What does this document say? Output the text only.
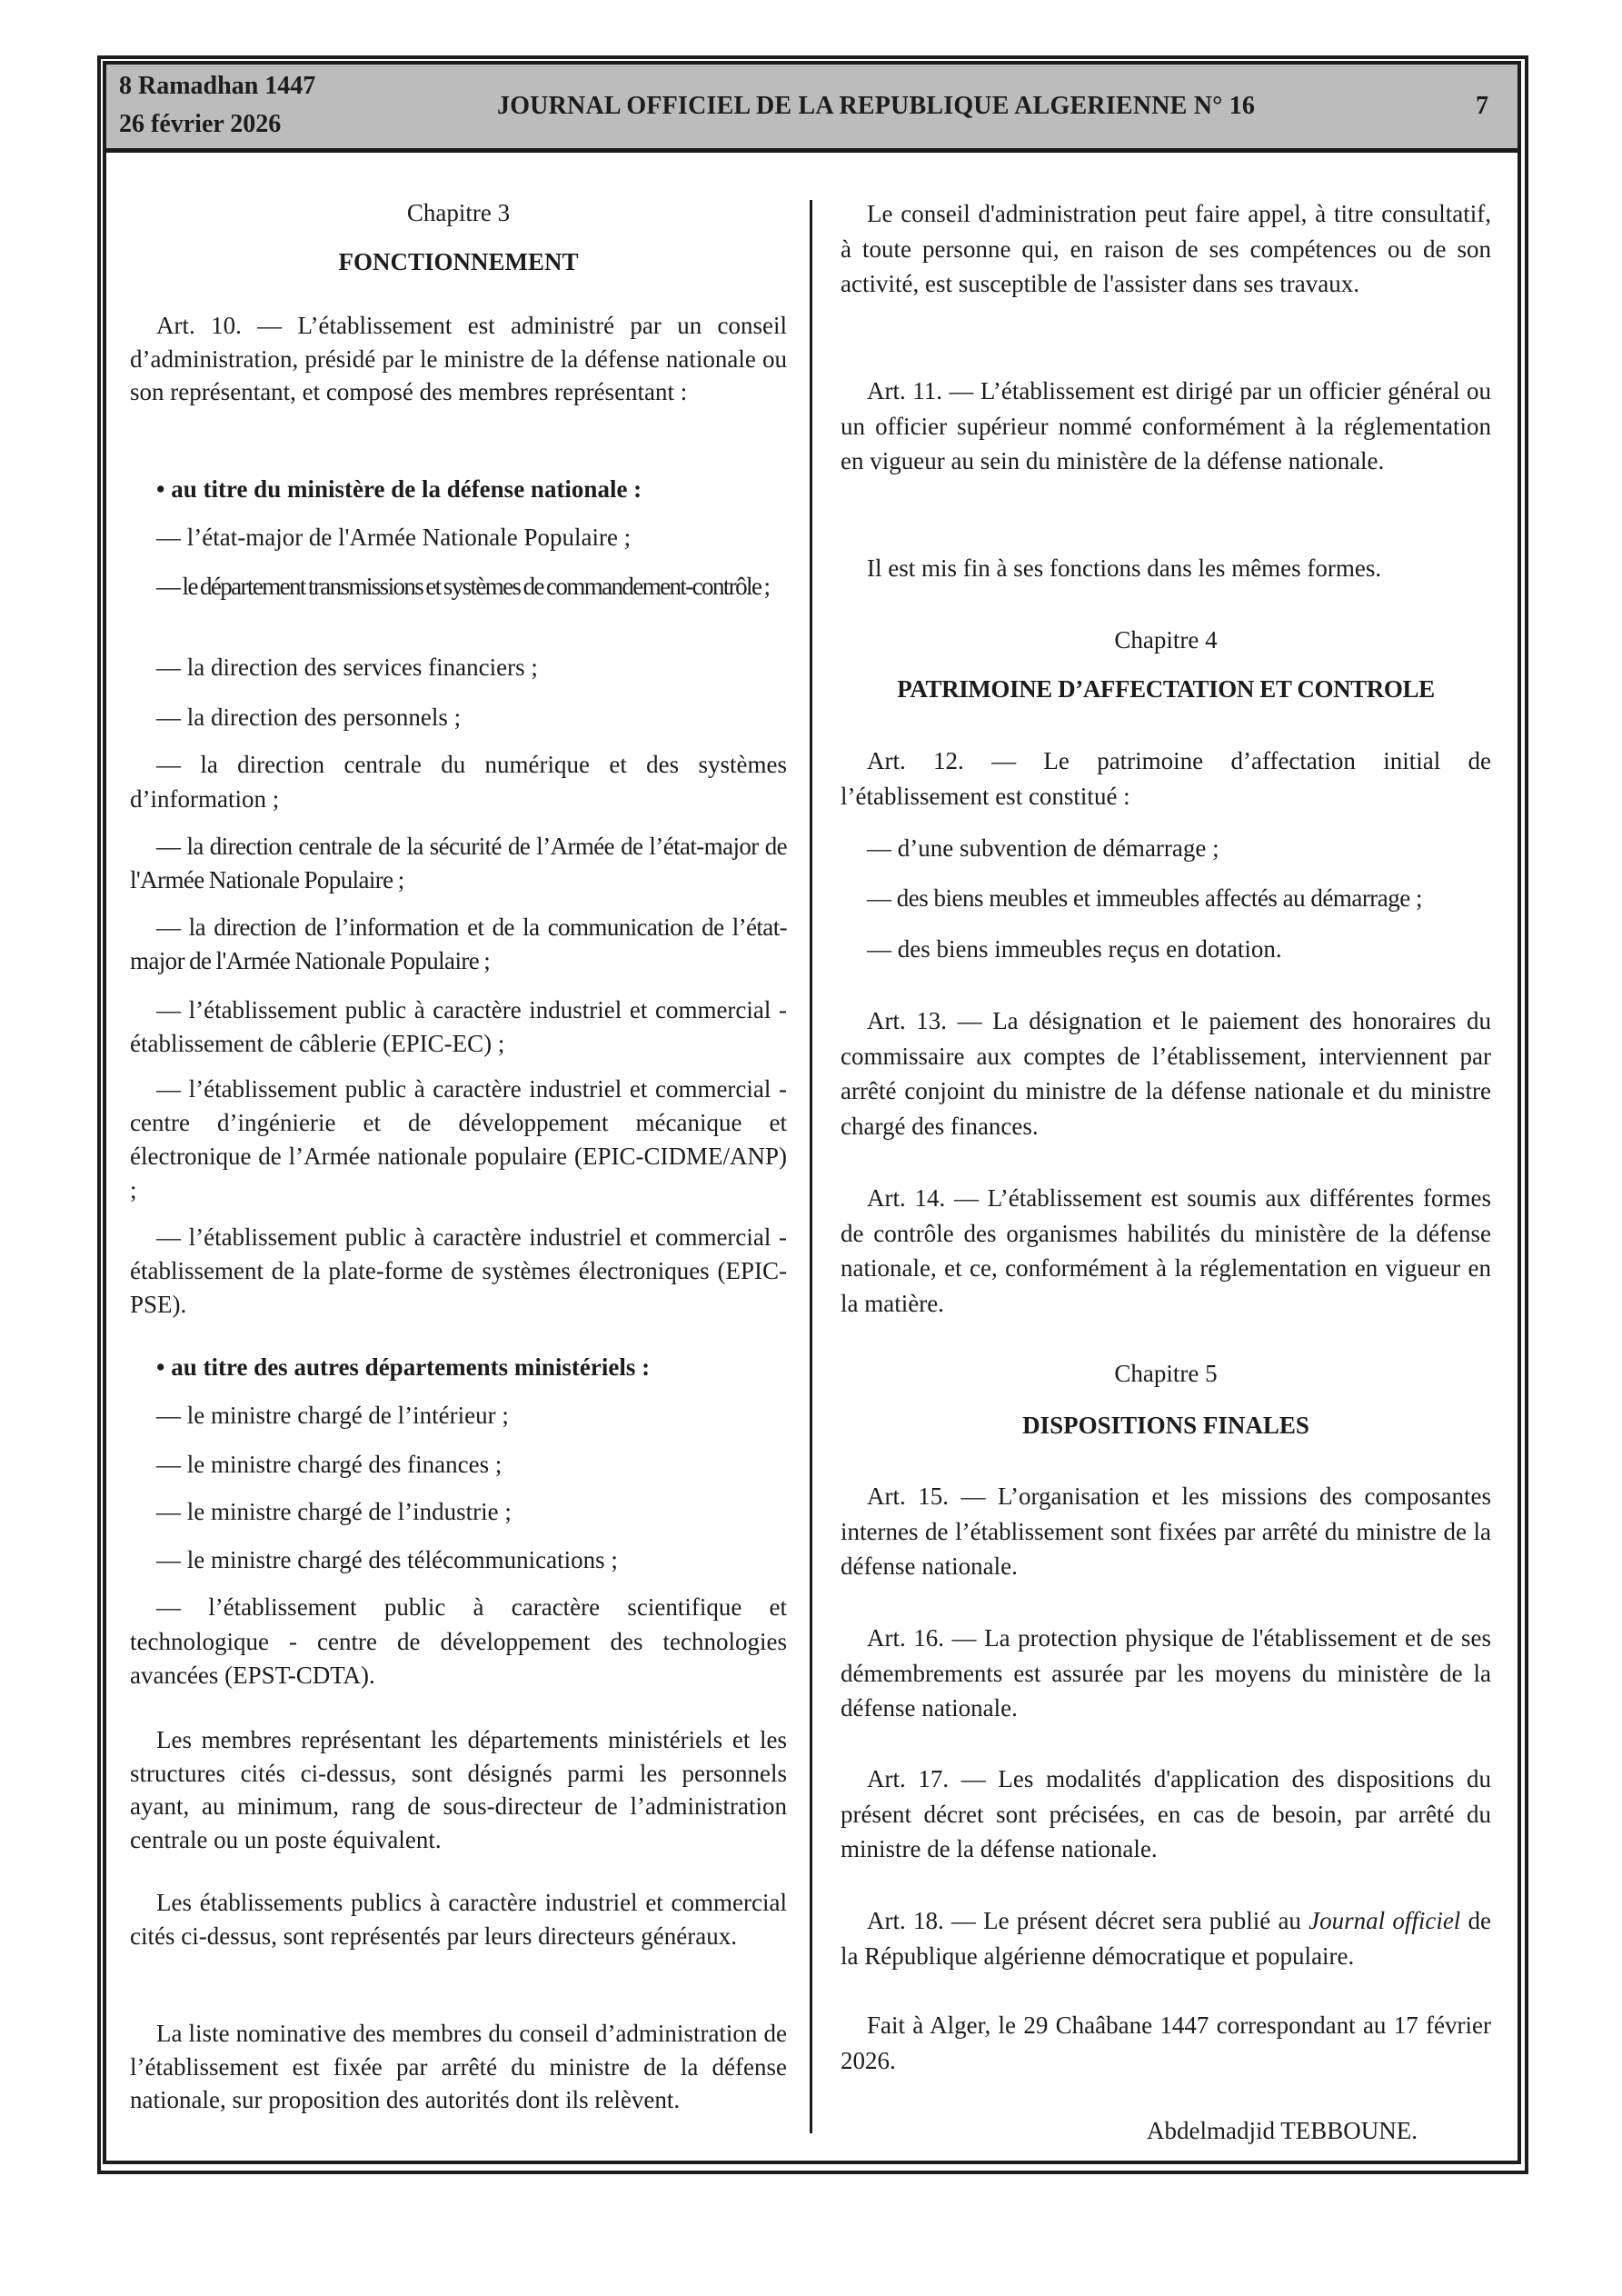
8 Ramadhan 1447
26 février 2026
JOURNAL OFFICIEL DE LA REPUBLIQUE ALGERIENNE N° 16	7
Chapitre 3
FONCTIONNEMENT
Art. 10. — L’établissement est administré par un conseil d’administration, présidé par le ministre de la défense nationale ou son représentant, et composé des membres représentant :
• au titre du ministère de la défense nationale :
— l’état-major de l'Armée Nationale Populaire ;
— le département transmissions et systèmes de commandement-contrôle ;
— la direction des services financiers ;
— la direction des personnels ;
— la direction centrale du numérique et des systèmes d’information ;
— la direction centrale de la sécurité de l’Armée de l’état-major de l'Armée Nationale Populaire ;
— la direction de l’information et de la communication de l’état-major de l'Armée Nationale Populaire ;
— l’établissement public à caractère industriel et commercial - établissement de câblerie (EPIC-EC) ;
— l’établissement public à caractère industriel et commercial - centre d’ingénierie et de développement mécanique et électronique de l’Armée nationale populaire (EPIC-CIDME/ANP) ;
— l’établissement public à caractère industriel et commercial - établissement de la plate-forme de systèmes électroniques (EPIC-PSE).
• au titre des autres départements ministériels :
— le ministre chargé de l’intérieur ;
— le ministre chargé des finances ;
— le ministre chargé de l’industrie ;
— le ministre chargé des télécommunications ;
— l’établissement public à caractère scientifique et technologique - centre de développement des technologies avancées (EPST-CDTA).
Les membres représentant les départements ministériels et les structures cités ci-dessus, sont désignés parmi les personnels ayant, au minimum, rang de sous-directeur de l’administration centrale ou un poste équivalent.
Les établissements publics à caractère industriel et commercial cités ci-dessus, sont représentés par leurs directeurs généraux.
La liste nominative des membres du conseil d’administration de l’établissement est fixée par arrêté du ministre de la défense nationale, sur proposition des autorités dont ils relèvent.
Le conseil d'administration peut faire appel, à titre consultatif, à toute personne qui, en raison de ses compétences ou de son activité, est susceptible de l'assister dans ses travaux.
Art. 11. — L’établissement est dirigé par un officier général ou un officier supérieur nommé conformément à la réglementation en vigueur au sein du ministère de la défense nationale.
Il est mis fin à ses fonctions dans les mêmes formes.
Chapitre 4
PATRIMOINE D’AFFECTATION ET CONTROLE
Art. 12. — Le patrimoine d’affectation initial de l’établissement est constitué :
— d’une subvention de démarrage ;
— des biens meubles et immeubles affectés au démarrage ;
— des biens immeubles reçus en dotation.
Art. 13. — La désignation et le paiement des honoraires du commissaire aux comptes de l’établissement, interviennent par arrêté conjoint du ministre de la défense nationale et du ministre chargé des finances.
Art. 14. — L’établissement est soumis aux différentes formes de contrôle des organismes habilités du ministère de la défense nationale, et ce, conformément à la réglementation en vigueur en la matière.
Chapitre 5
DISPOSITIONS FINALES
Art. 15. — L’organisation et les missions des composantes internes de l’établissement sont fixées par arrêté du ministre de la défense nationale.
Art. 16. — La protection physique de l'établissement et de ses démembrements est assurée par les moyens du ministère de la défense nationale.
Art. 17. — Les modalités d'application des dispositions du présent décret sont précisées, en cas de besoin, par arrêté du ministre de la défense nationale.
Art. 18. — Le présent décret sera publié au Journal officiel de la République algérienne démocratique et populaire.
Fait à Alger, le 29 Chaâbane 1447 correspondant au 17 février 2026.
Abdelmadjid TEBBOUNE.
